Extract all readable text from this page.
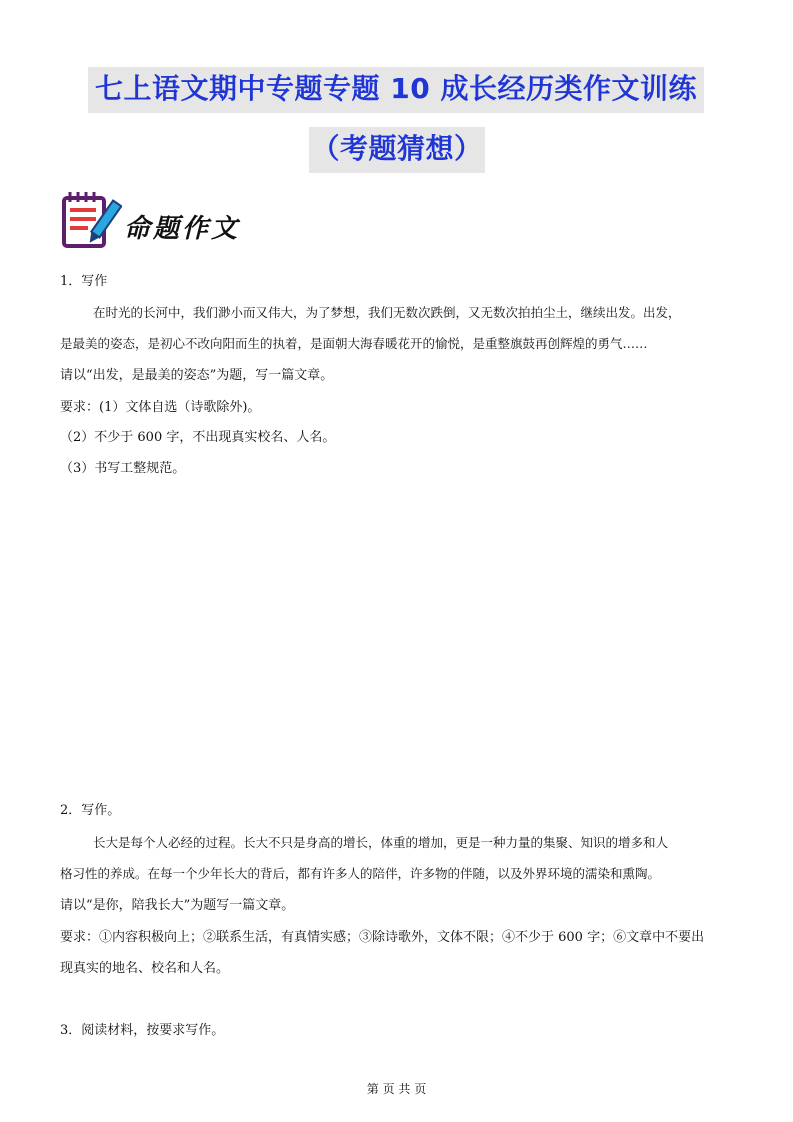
七上语文期中专题专题 10 成长经历类作文训练
（考题猜想）
命题作文
1．写作
在时光的长河中，我们渺小而又伟大，为了梦想，我们无数次跌倒，又无数次拍拍尘土，继续出发。出发，
是最美的姿态，是初心不改向阳而生的执着，是面朝大海春暖花开的愉悦，是重整旗鼓再创辉煌的勇气……
请以“出发，是最美的姿态”为题，写一篇文章。
要求：(1）文体自选（诗歌除外)。
（2）不少于 600 字，不出现真实校名、人名。
（3）书写工整规范。
2．写作。
长大是每个人必经的过程。长大不只是身高的增长，体重的增加，更是一种力量的集聚、知识的增多和人
格习性的养成。在每一个少年长大的背后，都有许多人的陪伴，许多物的伴随，以及外界环境的濡染和熏陶。
请以“是你，陪我长大”为题写一篇文章。
要求：①内容积极向上；②联系生活，有真情实感；③除诗歌外，文体不限；④不少于 600 字；⑥文章中不要出
现真实的地名、校名和人名。
3．阅读材料，按要求写作。
第 页 共 页
